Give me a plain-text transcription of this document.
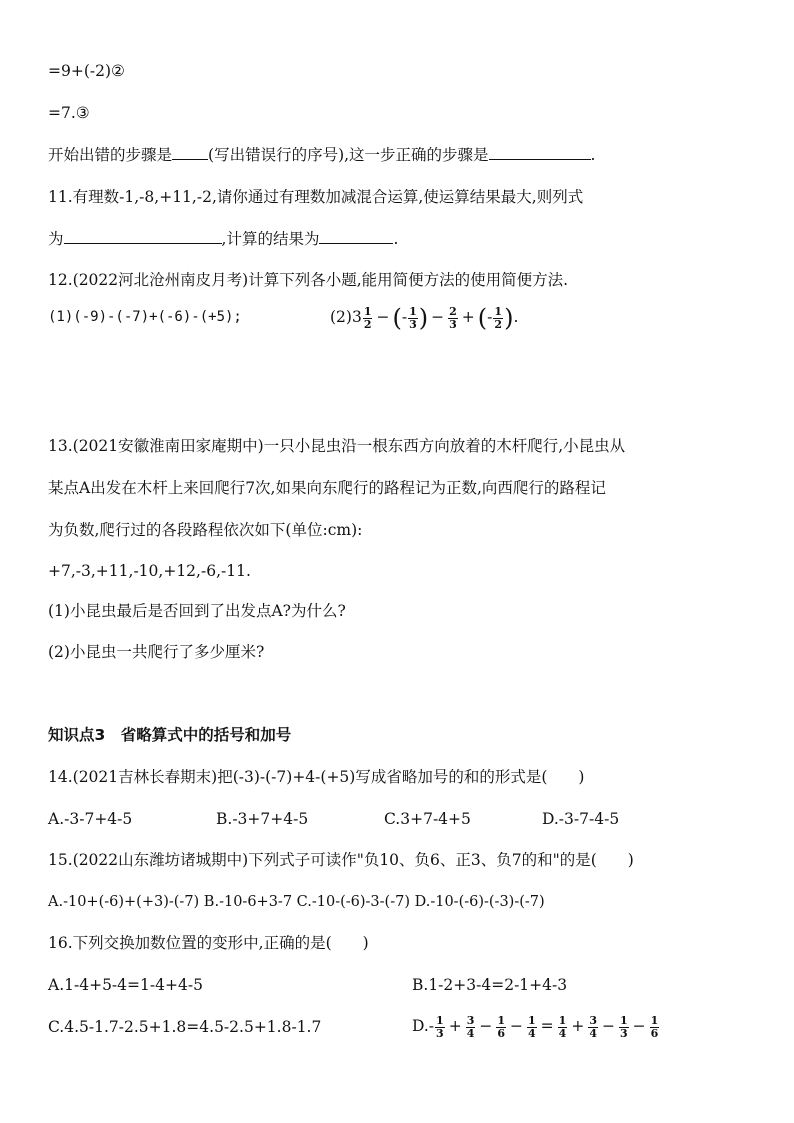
=9+(-2)②
=7.③
开始出错的步骤是 (写出错误行的序号),这一步正确的步骤是	.
11.有理数-1,-8,+11,-2,请你通过有理数加减混合运算,使运算结果最大,则列式
为	,计算的结果为	.
12.(2022河北沧州南皮月考)计算下列各小题,能用简便方法的使用简便方法.
(1)(-9)-(-7)+(-6)-(+5);	$(2)3 \frac{1}{2}$ − (- $\frac{1}{3}$ ) − $\frac{2}{3}$ + (- $\frac{1}{2}$ ).
13.(2021安徽淮南田家庵期中)一只小昆虫沿一根东西方向放着的木杆爬行,小昆虫从
某点A出发在木杆上来回爬行7次,如果向东爬行的路程记为正数,向西爬行的路程记
为负数,爬行过的各段路程依次如下(单位:cm):
+7,-3,+11,-10,+12,-6,-11.
(1)小昆虫最后是否回到了出发点A?为什么?
(2)小昆虫一共爬行了多少厘米?
知识点3　省略算式中的括号和加号
14.(2021吉林长春期末)把(-3)-(-7)+4-(+5)写成省略加号的和的形式是(　　)
A.-3-7+4-5	B.-3+7+4-5	C.3+7-4+5	D.-3-7-4-5
15.(2022山东潍坊诸城期中)下列式子可读作"负10、负6、正3、负7的和"的是(　　)
A.-10+(-6)+(+3)-(-7) B.-10-6+3-7 C.-10-(-6)-3-(-7) D.-10-(-6)-(-3)-(-7)
16.下列交换加数位置的变形中,正确的是(　　)
A.1-4+5-4=1-4+4-5	B.1-2+3-4=2-1+4-3
C.4.5-1.7-2.5+1.8=4.5-2.5+1.8-1.7	$D.- \frac{1}{3} + \frac{3}{4} - \frac{1}{6} - \frac{1}{4} = \frac{1}{4} + \frac{3}{4} - \frac{1}{3} - \frac{1}{6}$
